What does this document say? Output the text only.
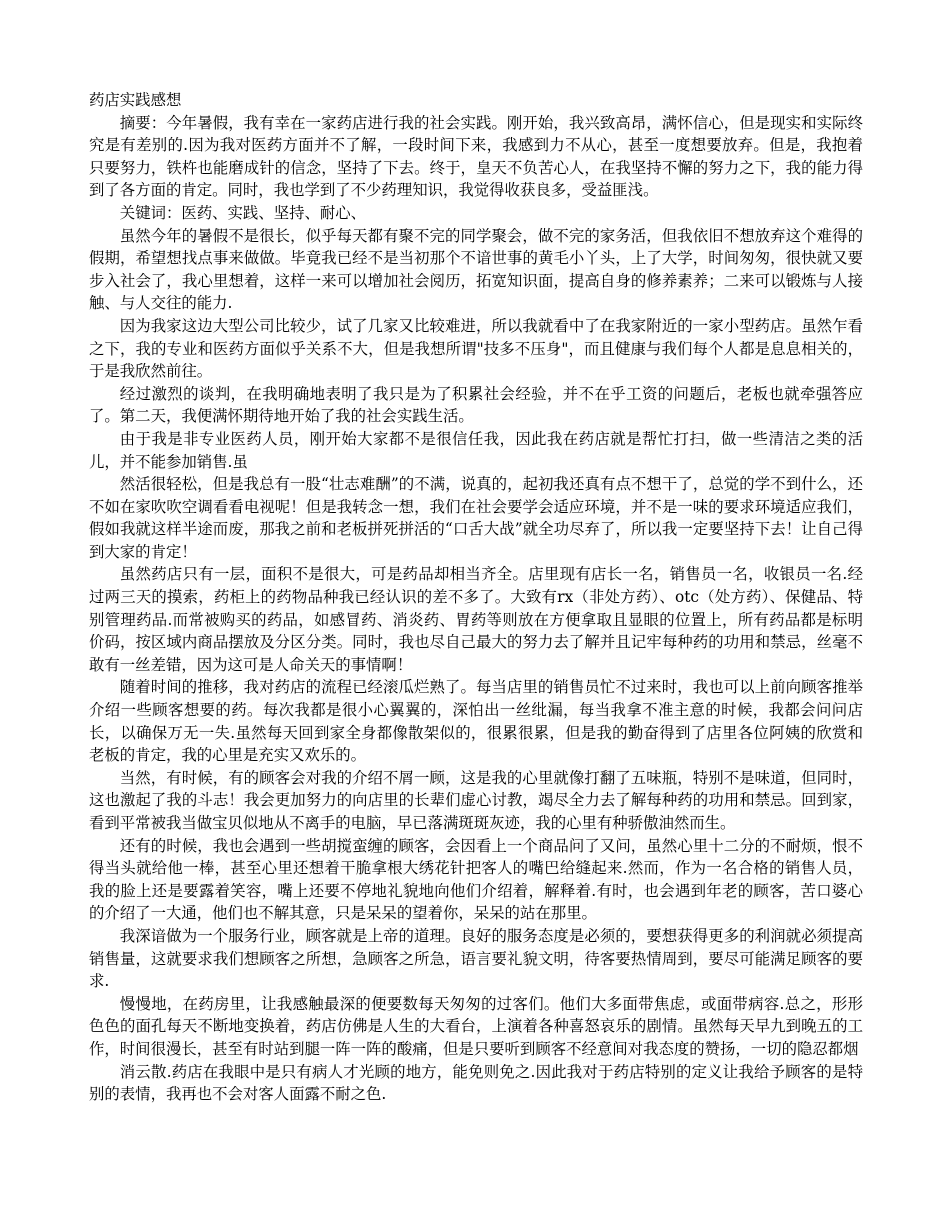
药店实践感想

摘要：今年暑假，我有幸在一家药店进行我的社会实践。刚开始，我兴致高昂，满怀信心，但是现实和实际终究是有差别的.因为我对医药方面并不了解，一段时间下来，我感到力不从心，甚至一度想要放弃。但是，我抱着只要努力，铁杵也能磨成针的信念，坚持了下去。终于，皇天不负苦心人，在我坚持不懈的努力之下，我的能力得到了各方面的肯定。同时，我也学到了不少药理知识，我觉得收获良多，受益匪浅。

关键词：医药、实践、坚持、耐心、

虽然今年的暑假不是很长，似乎每天都有聚不完的同学聚会，做不完的家务活，但我依旧不想放弃这个难得的假期，希望想找点事来做做。毕竟我已经不是当初那个不谙世事的黄毛小丫头，上了大学，时间匆匆，很快就又要步入社会了，我心里想着，这样一来可以增加社会阅历，拓宽知识面，提高自身的修养素养；二来可以锻炼与人接触、与人交往的能力.

因为我家这边大型公司比较少，试了几家又比较难进，所以我就看中了在我家附近的一家小型药店。虽然乍看之下，我的专业和医药方面似乎关系不大，但是我想所谓"技多不压身"，而且健康与我们每个人都是息息相关的，于是我欣然前往。

经过激烈的谈判，在我明确地表明了我只是为了积累社会经验，并不在乎工资的问题后，老板也就牵强答应了。第二天，我便满怀期待地开始了我的社会实践生活。

由于我是非专业医药人员，刚开始大家都不是很信任我，因此我在药店就是帮忙打扫，做一些清洁之类的活儿，并不能参加销售.虽

然活很轻松，但是我总有一股“壮志难酬”的不满，说真的，起初我还真有点不想干了，总觉的学不到什么，还不如在家吹吹空调看看电视呢！但是我转念一想，我们在社会要学会适应环境，并不是一味的要求环境适应我们，假如我就这样半途而废，那我之前和老板拼死拼活的“口舌大战”就全功尽弃了，所以我一定要坚持下去！让自己得到大家的肯定！

虽然药店只有一层，面积不是很大，可是药品却相当齐全。店里现有店长一名，销售员一名，收银员一名.经过两三天的摸索，药柜上的药物品种我已经认识的差不多了。大致有rx（非处方药）、otc（处方药）、保健品、特别管理药品.而常被购买的药品，如感冒药、消炎药、胃药等则放在方便拿取且显眼的位置上，所有药品都是标明价码，按区域内商品摆放及分区分类。同时，我也尽自己最大的努力去了解并且记牢每种药的功用和禁忌，丝毫不敢有一丝差错，因为这可是人命关天的事情啊！

随着时间的推移，我对药店的流程已经滚瓜烂熟了。每当店里的销售员忙不过来时，我也可以上前向顾客推举介绍一些顾客想要的药。每次我都是很小心翼翼的，深怕出一丝纰漏，每当我拿不准主意的时候，我都会问问店长，以确保万无一失.虽然每天回到家全身都像散架似的，很累很累，但是我的勤奋得到了店里各位阿姨的欣赏和老板的肯定，我的心里是充实又欢乐的。

当然，有时候，有的顾客会对我的介绍不屑一顾，这是我的心里就像打翻了五味瓶，特别不是味道，但同时，这也激起了我的斗志！我会更加努力的向店里的长辈们虚心讨教，竭尽全力去了解每种药的功用和禁忌。回到家，看到平常被我当做宝贝似地从不离手的电脑，早已落满斑斑灰迹，我的心里有种骄傲油然而生。

还有的时候，我也会遇到一些胡搅蛮缠的顾客，会因看上一个商品问了又问，虽然心里十二分的不耐烦，恨不得当头就给他一棒，甚至心里还想着干脆拿根大绣花针把客人的嘴巴给缝起来.然而，作为一名合格的销售人员，我的脸上还是要露着笑容，嘴上还要不停地礼貌地向他们介绍着，解释着.有时，也会遇到年老的顾客，苦口婆心的介绍了一大通，他们也不解其意，只是呆呆的望着你，呆呆的站在那里。

我深谙做为一个服务行业，顾客就是上帝的道理。良好的服务态度是必须的，要想获得更多的利润就必须提高销售量，这就要求我们想顾客之所想，急顾客之所急，语言要礼貌文明，待客要热情周到，要尽可能满足顾客的要求.

慢慢地，在药房里，让我感触最深的便要数每天匆匆的过客们。他们大多面带焦虑，或面带病容.总之，形形色色的面孔每天不断地变换着，药店仿佛是人生的大看台，上演着各种喜怒哀乐的剧情。虽然每天早九到晚五的工作，时间很漫长，甚至有时站到腿一阵一阵的酸痛，但是只要听到顾客不经意间对我态度的赞扬，一切的隐忍都烟

消云散.药店在我眼中是只有病人才光顾的地方，能免则免之.因此我对于药店特别的定义让我给予顾客的是特别的表情，我再也不会对客人面露不耐之色.
